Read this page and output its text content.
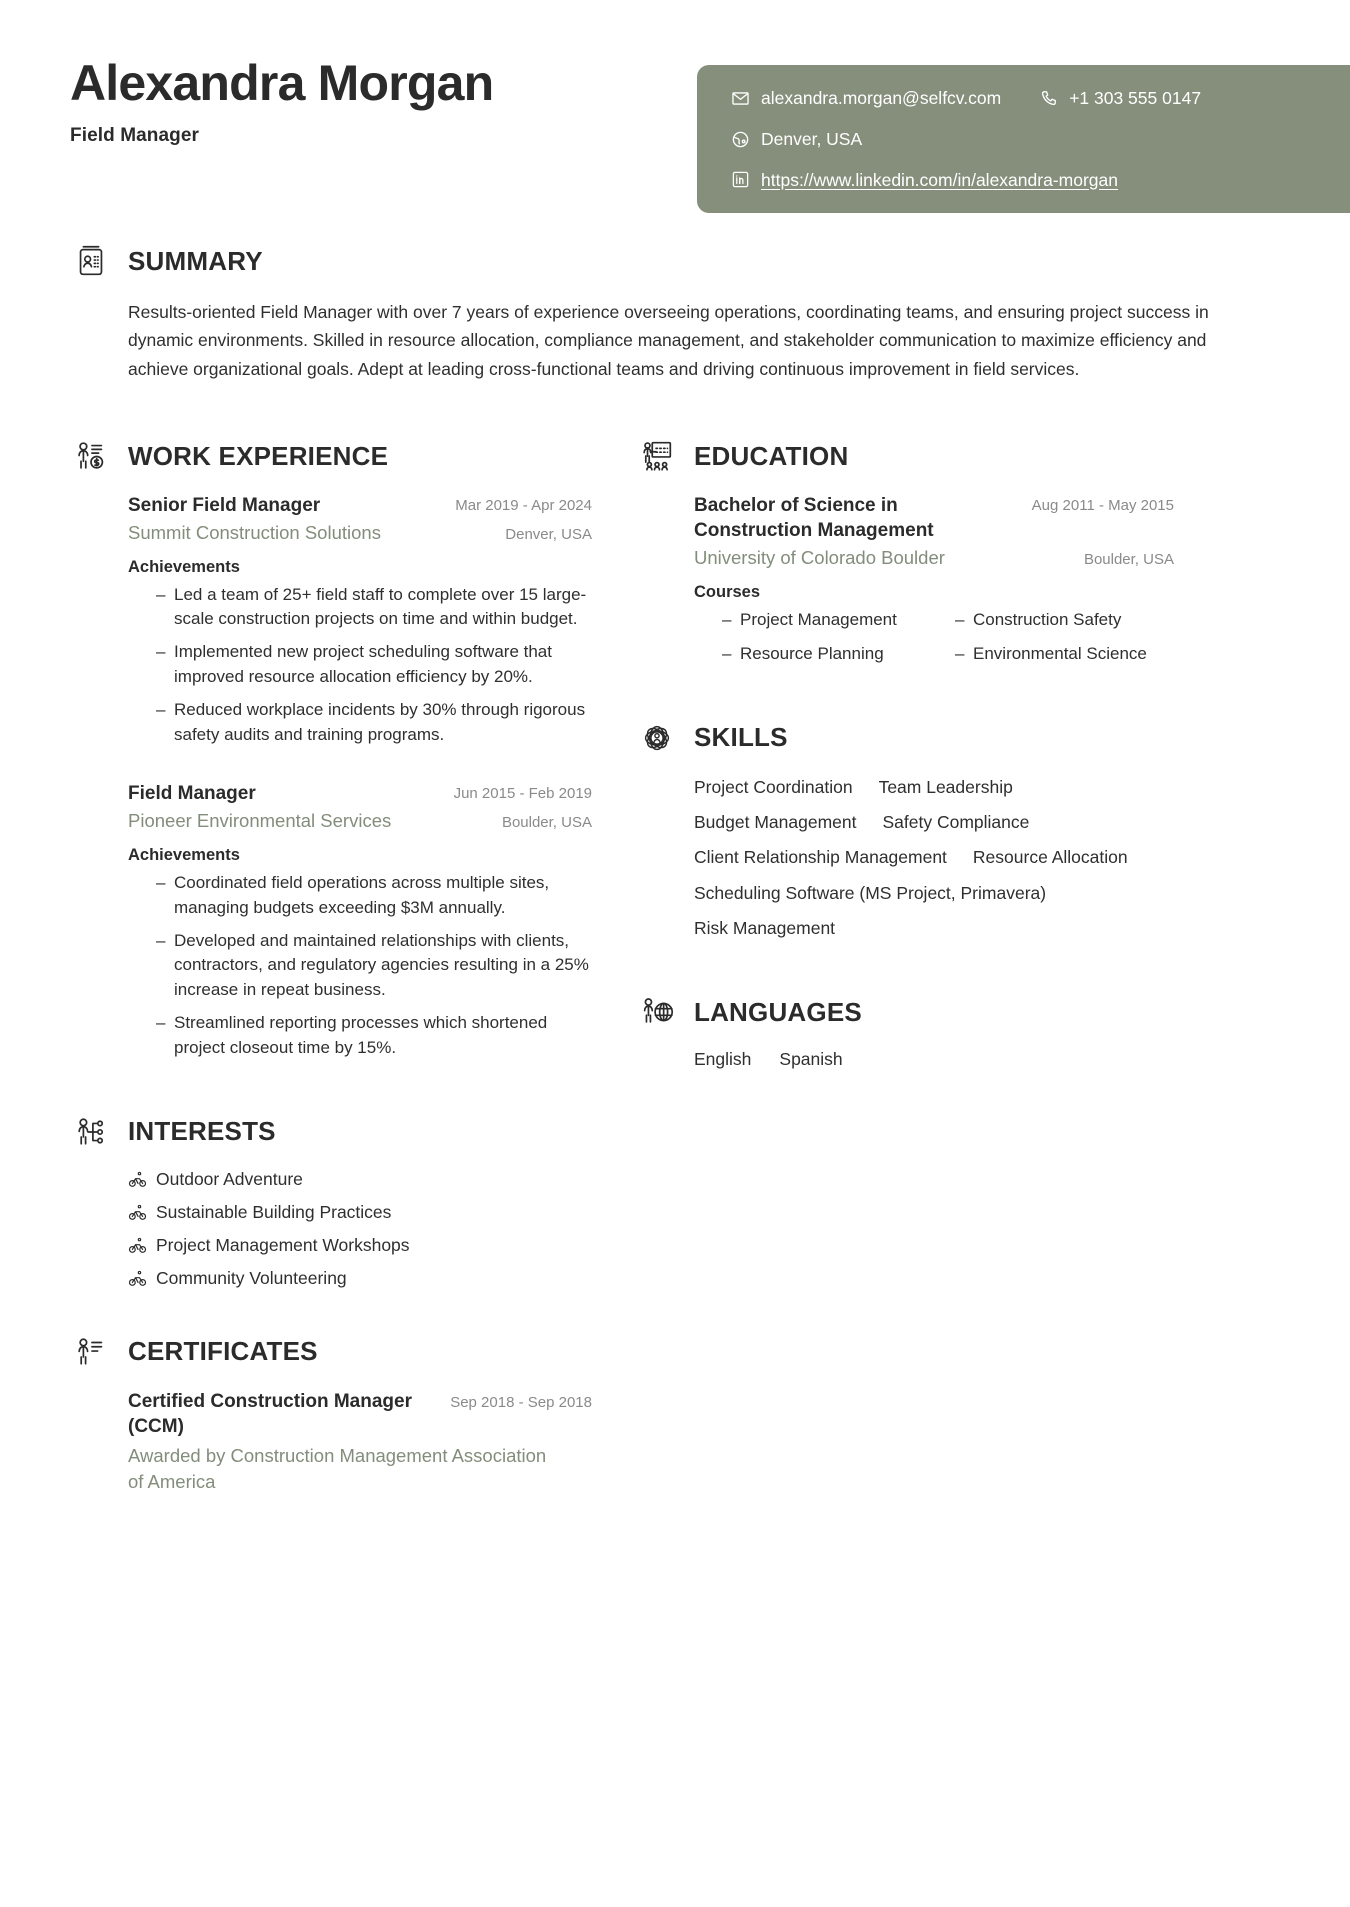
Alexandra Morgan
Field Manager
alexandra.morgan@selfcv.com	+1 303 555 0147
Denver, USA
https://www.linkedin.com/in/alexandra-morgan
SUMMARY
Results-oriented Field Manager with over 7 years of experience overseeing operations, coordinating teams, and ensuring project success in dynamic environments. Skilled in resource allocation, compliance management, and stakeholder communication to maximize efficiency and achieve organizational goals. Adept at leading cross-functional teams and driving continuous improvement in field services.
WORK EXPERIENCE
Senior Field Manager	Mar 2019 - Apr 2024
Summit Construction Solutions	Denver, USA
Achievements
– Led a team of 25+ field staff to complete over 15 large-scale construction projects on time and within budget.
– Implemented new project scheduling software that improved resource allocation efficiency by 20%.
– Reduced workplace incidents by 30% through rigorous safety audits and training programs.
Field Manager	Jun 2015 - Feb 2019
Pioneer Environmental Services	Boulder, USA
Achievements
– Coordinated field operations across multiple sites, managing budgets exceeding $3M annually.
– Developed and maintained relationships with clients, contractors, and regulatory agencies resulting in a 25% increase in repeat business.
– Streamlined reporting processes which shortened project closeout time by 15%.
INTERESTS
Outdoor Adventure
Sustainable Building Practices
Project Management Workshops
Community Volunteering
CERTIFICATES
Certified Construction Manager (CCM)
Sep 2018 - Sep 2018
Awarded by Construction Management Association of America
EDUCATION
Bachelor of Science in Construction Management
Aug 2011 - May 2015
University of Colorado Boulder	Boulder, USA
Courses
– Project Management	– Construction Safety
– Resource Planning	– Environmental Science
SKILLS
Project Coordination Team Leadership
Budget Management Safety Compliance
Client Relationship Management Resource Allocation
Scheduling Software (MS Project, Primavera)
Risk Management
LANGUAGES
English Spanish
